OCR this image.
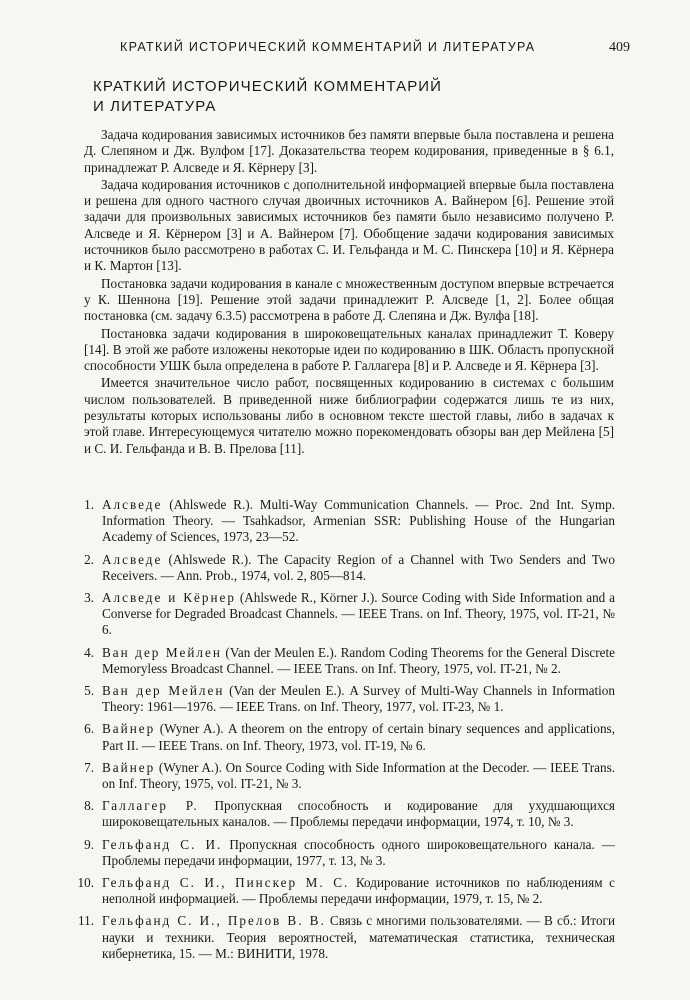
КРАТКИЙ ИСТОРИЧЕСКИЙ КОММЕНТАРИЙ И ЛИТЕРАТУРА	409
КРАТКИЙ ИСТОРИЧЕСКИЙ КОММЕНТАРИЙ
И ЛИТЕРАТУРА

Задача кодирования зависимых источников без памяти впервые была поставлена и решена Д. Слепяном и Дж. Вулфом [17]. Доказательства теорем кодирования, приведенные в § 6.1, принадлежат Р. Алсведе и Я. Кёрнеру [3].

Задача кодирования источников с дополнительной информацией впервые была поставлена и решена для одного частного случая двоичных источников А. Вайнером [6]. Решение этой задачи для произвольных зависимых источников без памяти было независимо получено Р. Алсведе и Я. Кёрнером [3] и А. Вайнером [7]. Обобщение задачи кодирования зависимых источников было рассмотрено в работах С. И. Гельфанда и М. С. Пинскера [10] и Я. Кёрнера и К. Мартон [13].

Постановка задачи кодирования в канале с множественным доступом впервые встречается у К. Шеннона [19]. Решение этой задачи принадлежит Р. Алсведе [1, 2]. Более общая постановка (см. задачу 6.3.5) рассмотрена в работе Д. Слепяна и Дж. Вулфа [18].

Постановка задачи кодирования в широковещательных каналах принадлежит Т. Коверу [14]. В этой же работе изложены некоторые идеи по кодированию в ШК. Область пропускной способности УШК была определена в работе Р. Галлагера [8] и Р. Алсведе и Я. Кёрнера [3].

Имеется значительное число работ, посвященных кодированию в системах с большим числом пользователей. В приведенной ниже библиографии содержатся лишь те из них, результаты которых использованы либо в основном тексте шестой главы, либо в задачах к этой главе. Интересующемуся читателю можно порекомендовать обзоры ван дер Мейлена [5] и С. И. Гельфанда и В. В. Прелова [11].

1. Алсведе (Ahlswede R.). Multi-Way Communication Channels. — Proc. 2nd Int. Symp. Information Theory. — Tsahkadsor, Armenian SSR: Publishing House of the Hungarian Academy of Sciences, 1973, 23—52.
2. Алсведе (Ahlswede R.). The Capacity Region of a Channel with Two Senders and Two Receivers. — Ann. Prob., 1974, vol. 2, 805—814.
3. Алсведе и Кёрнер (Ahlswede R., Körner J.). Source Coding with Side Information and a Converse for Degraded Broadcast Channels. — IEEE Trans. on Inf. Theory, 1975, vol. IT-21, № 6.
4. Ван дер Мейлен (Van der Meulen E.). Random Coding Theorems for the General Discrete Memoryless Broadcast Channel. — IEEE Trans. on Inf. Theory, 1975, vol. IT-21, № 2.
5. Ван дер Мейлен (Van der Meulen E.). A Survey of Multi-Way Channels in Information Theory: 1961—1976. — IEEE Trans. on Inf. Theory, 1977, vol. IT-23, № 1.
6. Вайнер (Wyner A.). A theorem on the entropy of certain binary sequences and applications, Part II. — IEEE Trans. on Inf. Theory, 1973, vol. IT-19, № 6.
7. Вайнер (Wyner A.). On Source Coding with Side Information at the Decoder. — IEEE Trans. on Inf. Theory, 1975, vol. IT-21, № 3.
8. Галлагер Р. Пропускная способность и кодирование для ухудшающихся широковещательных каналов. — Проблемы передачи информации, 1974, т. 10, № 3.
9. Гельфанд С. И. Пропускная способность одного широковещательного канала. — Проблемы передачи информации, 1977, т. 13, № 3.
10. Гельфанд С. И., Пинскер М. С. Кодирование источников по наблюдениям с неполной информацией. — Проблемы передачи информации, 1979, т. 15, № 2.
11. Гельфанд С. И., Прелов В. В. Связь с многими пользователями. — В сб.: Итоги науки и техники. Теория вероятностей, математическая статистика, техническая кибернетика, 15. — М.: ВИНИТИ, 1978.
